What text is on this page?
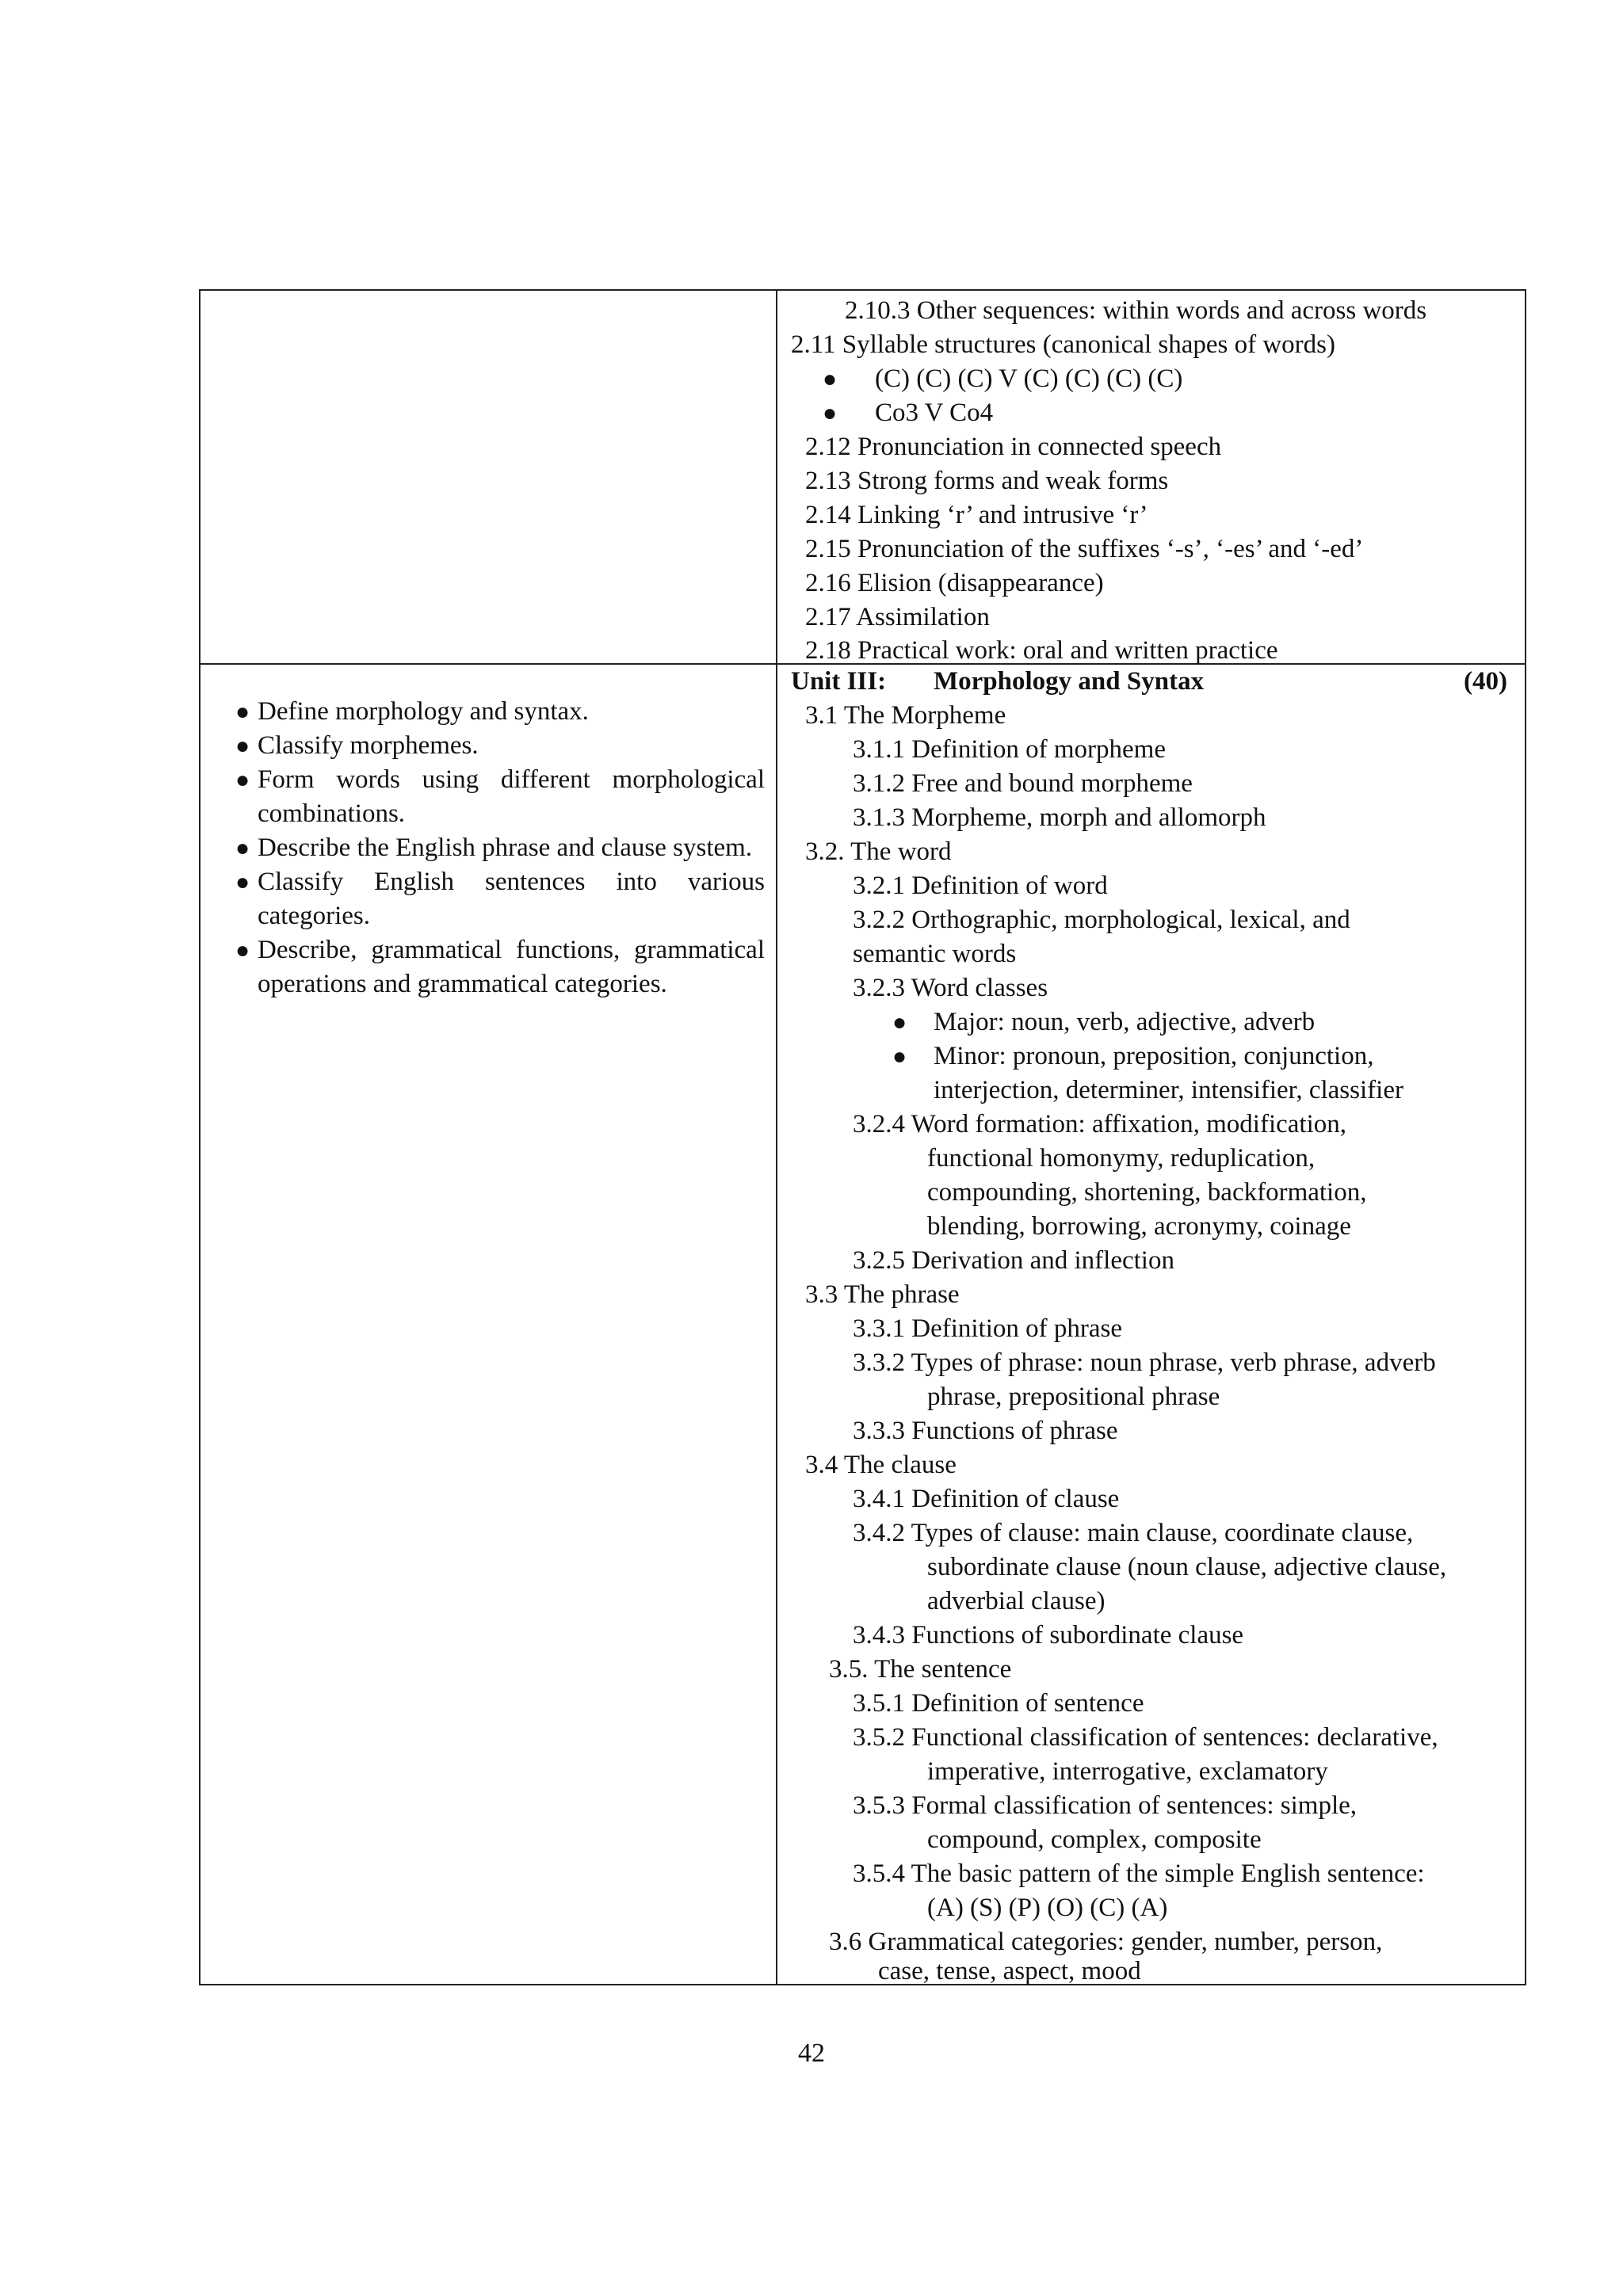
2.10.3 Other sequences: within words and across words
2.11 Syllable structures (canonical shapes of words)
● (C) (C) (C) V (C) (C) (C) (C)
● Co3 V Co4
2.12 Pronunciation in connected speech
2.13 Strong forms and weak forms
2.14 Linking ‘r’ and intrusive ‘r’
2.15 Pronunciation of the suffixes ‘-s’, ‘-es’ and ‘-ed’
2.16 Elision (disappearance)
2.17 Assimilation
2.18 Practical work: oral and written practice
● Define morphology and syntax.
● Classify morphemes.
● Form words using different morphological combinations.
● Describe the English phrase and clause system.
● Classify English sentences into various categories.
● Describe, grammatical functions, grammatical operations and grammatical categories.
Unit III: Morphology and Syntax	(40)
3.1 The Morpheme
3.1.1 Definition of morpheme
3.1.2 Free and bound morpheme
3.1.3 Morpheme, morph and allomorph
3.2. The word
3.2.1 Definition of word
3.2.2 Orthographic, morphological, lexical, and
semantic words
3.2.3 Word classes
● Major: noun, verb, adjective, adverb
● Minor: pronoun, preposition, conjunction,
interjection, determiner, intensifier, classifier
3.2.4 Word formation: affixation, modification,
functional homonymy, reduplication,
compounding, shortening, backformation,
blending, borrowing, acronymy, coinage
3.2.5 Derivation and inflection
3.3 The phrase
3.3.1 Definition of phrase
3.3.2 Types of phrase: noun phrase, verb phrase, adverb
phrase, prepositional phrase
3.3.3 Functions of phrase
3.4 The clause
3.4.1 Definition of clause
3.4.2 Types of clause: main clause, coordinate clause,
subordinate clause (noun clause, adjective clause,
adverbial clause)
3.4.3 Functions of subordinate clause
3.5. The sentence
3.5.1 Definition of sentence
3.5.2 Functional classification of sentences: declarative,
imperative, interrogative, exclamatory
3.5.3 Formal classification of sentences: simple,
compound, complex, composite
3.5.4 The basic pattern of the simple English sentence:
(A) (S) (P) (O) (C) (A)
3.6 Grammatical categories: gender, number, person,
case, tense, aspect, mood
42
